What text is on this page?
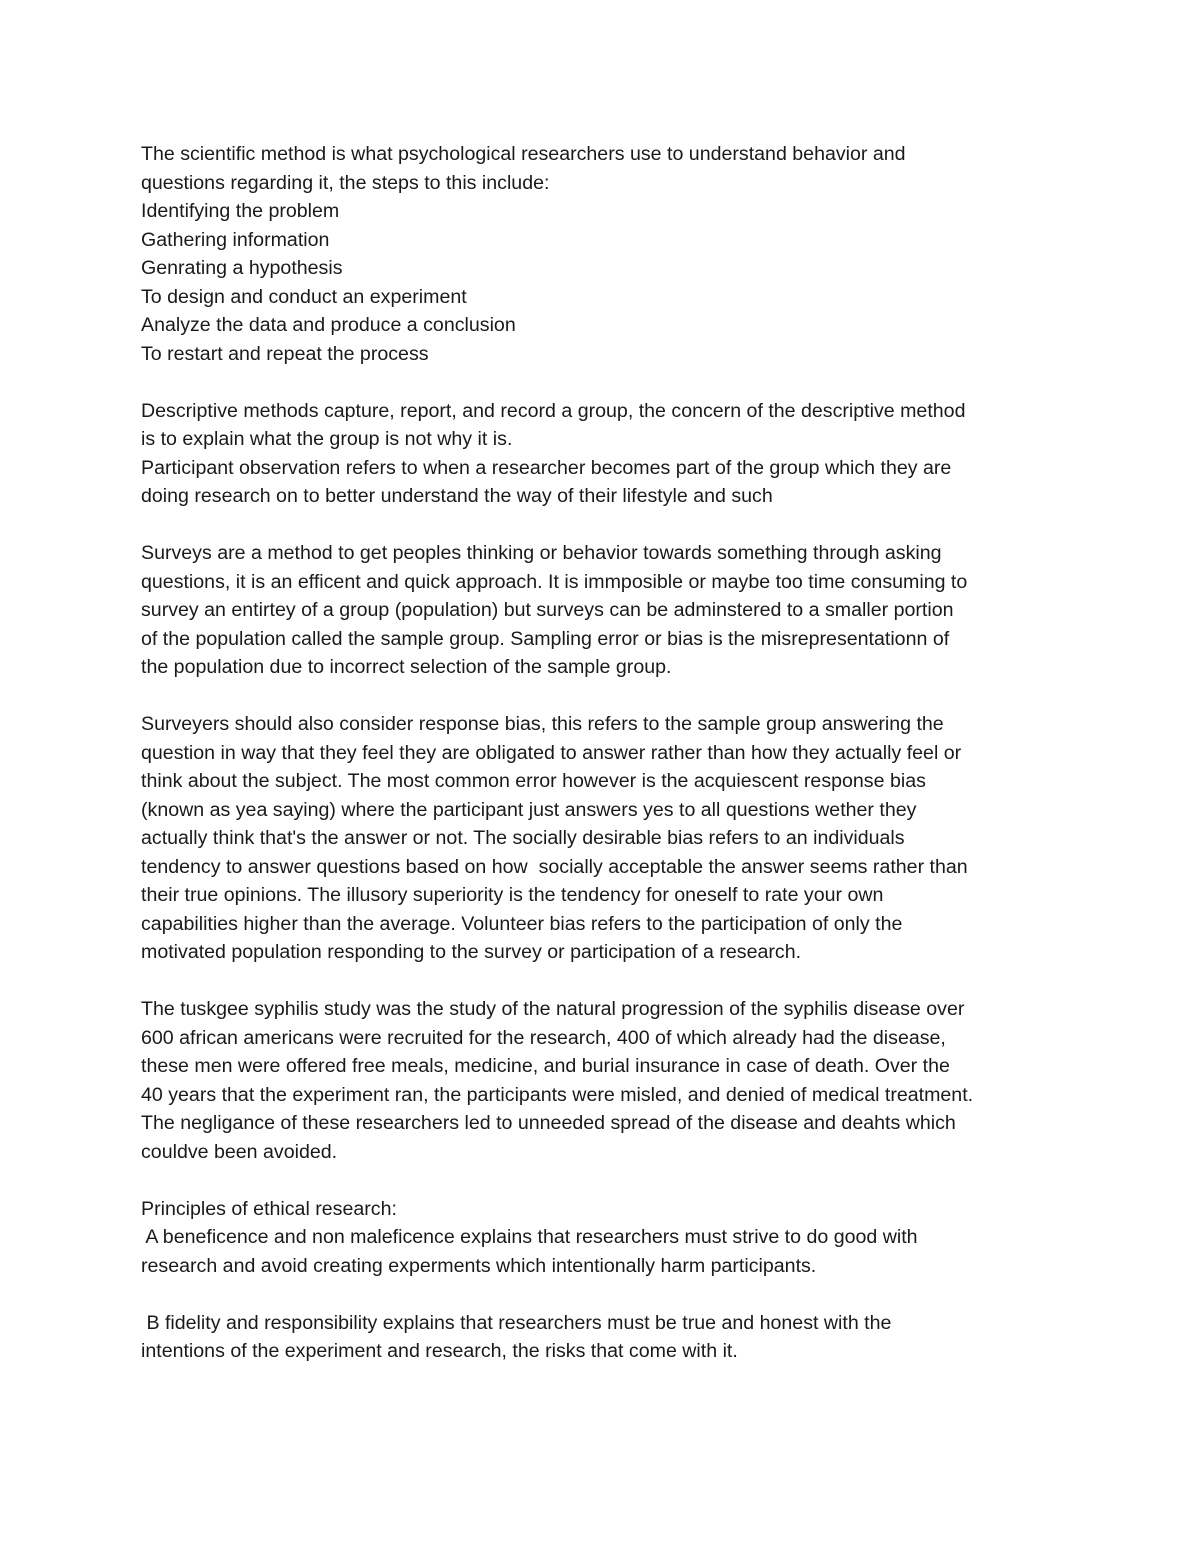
The scientific method is what psychological researchers use to understand behavior and
questions regarding it, the steps to this include:

Identifying the problem
Gathering information
Genrating a hypothesis
To design and conduct an experiment
Analyze the data and produce a conclusion
To restart and repeat the process

Descriptive methods capture, report, and record a group, the concern of the descriptive method
is to explain what the group is not why it is.

Participant observation refers to when a researcher becomes part of the group which they are
doing research on to better understand the way of their lifestyle and such

Surveys are a method to get peoples thinking or behavior towards something through asking
questions, it is an efficent and quick approach. It is immposible or maybe too time consuming to
survey an entirtey of a group (population) but surveys can be adminstered to a smaller portion
of the population called the sample group. Sampling error or bias is the misrepresentationn of
the population due to incorrect selection of the sample group.

Surveyers should also consider response bias, this refers to the sample group answering the
question in way that they feel they are obligated to answer rather than how they actually feel or
think about the subject. The most common error however is the acquiescent response bias
(known as yea saying) where the participant just answers yes to all questions wether they
actually think that's the answer or not. The socially desirable bias refers to an individuals
tendency to answer questions based on how  socially acceptable the answer seems rather than
their true opinions. The illusory superiority is the tendency for oneself to rate your own
capabilities higher than the average. Volunteer bias refers to the participation of only the
motivated population responding to the survey or participation of a research.

The tuskgee syphilis study was the study of the natural progression of the syphilis disease over
600 african americans were recruited for the research, 400 of which already had the disease,
these men were offered free meals, medicine, and burial insurance in case of death. Over the
40 years that the experiment ran, the participants were misled, and denied of medical treatment.
The negligance of these researchers led to unneeded spread of the disease and deahts which
couldve been avoided.

Principles of ethical research:

A beneficence and non maleficence explains that researchers must strive to do good with
research and avoid creating experments which intentionally harm participants.

B fidelity and responsibility explains that researchers must be true and honest with the
intentions of the experiment and research, the risks that come with it.
